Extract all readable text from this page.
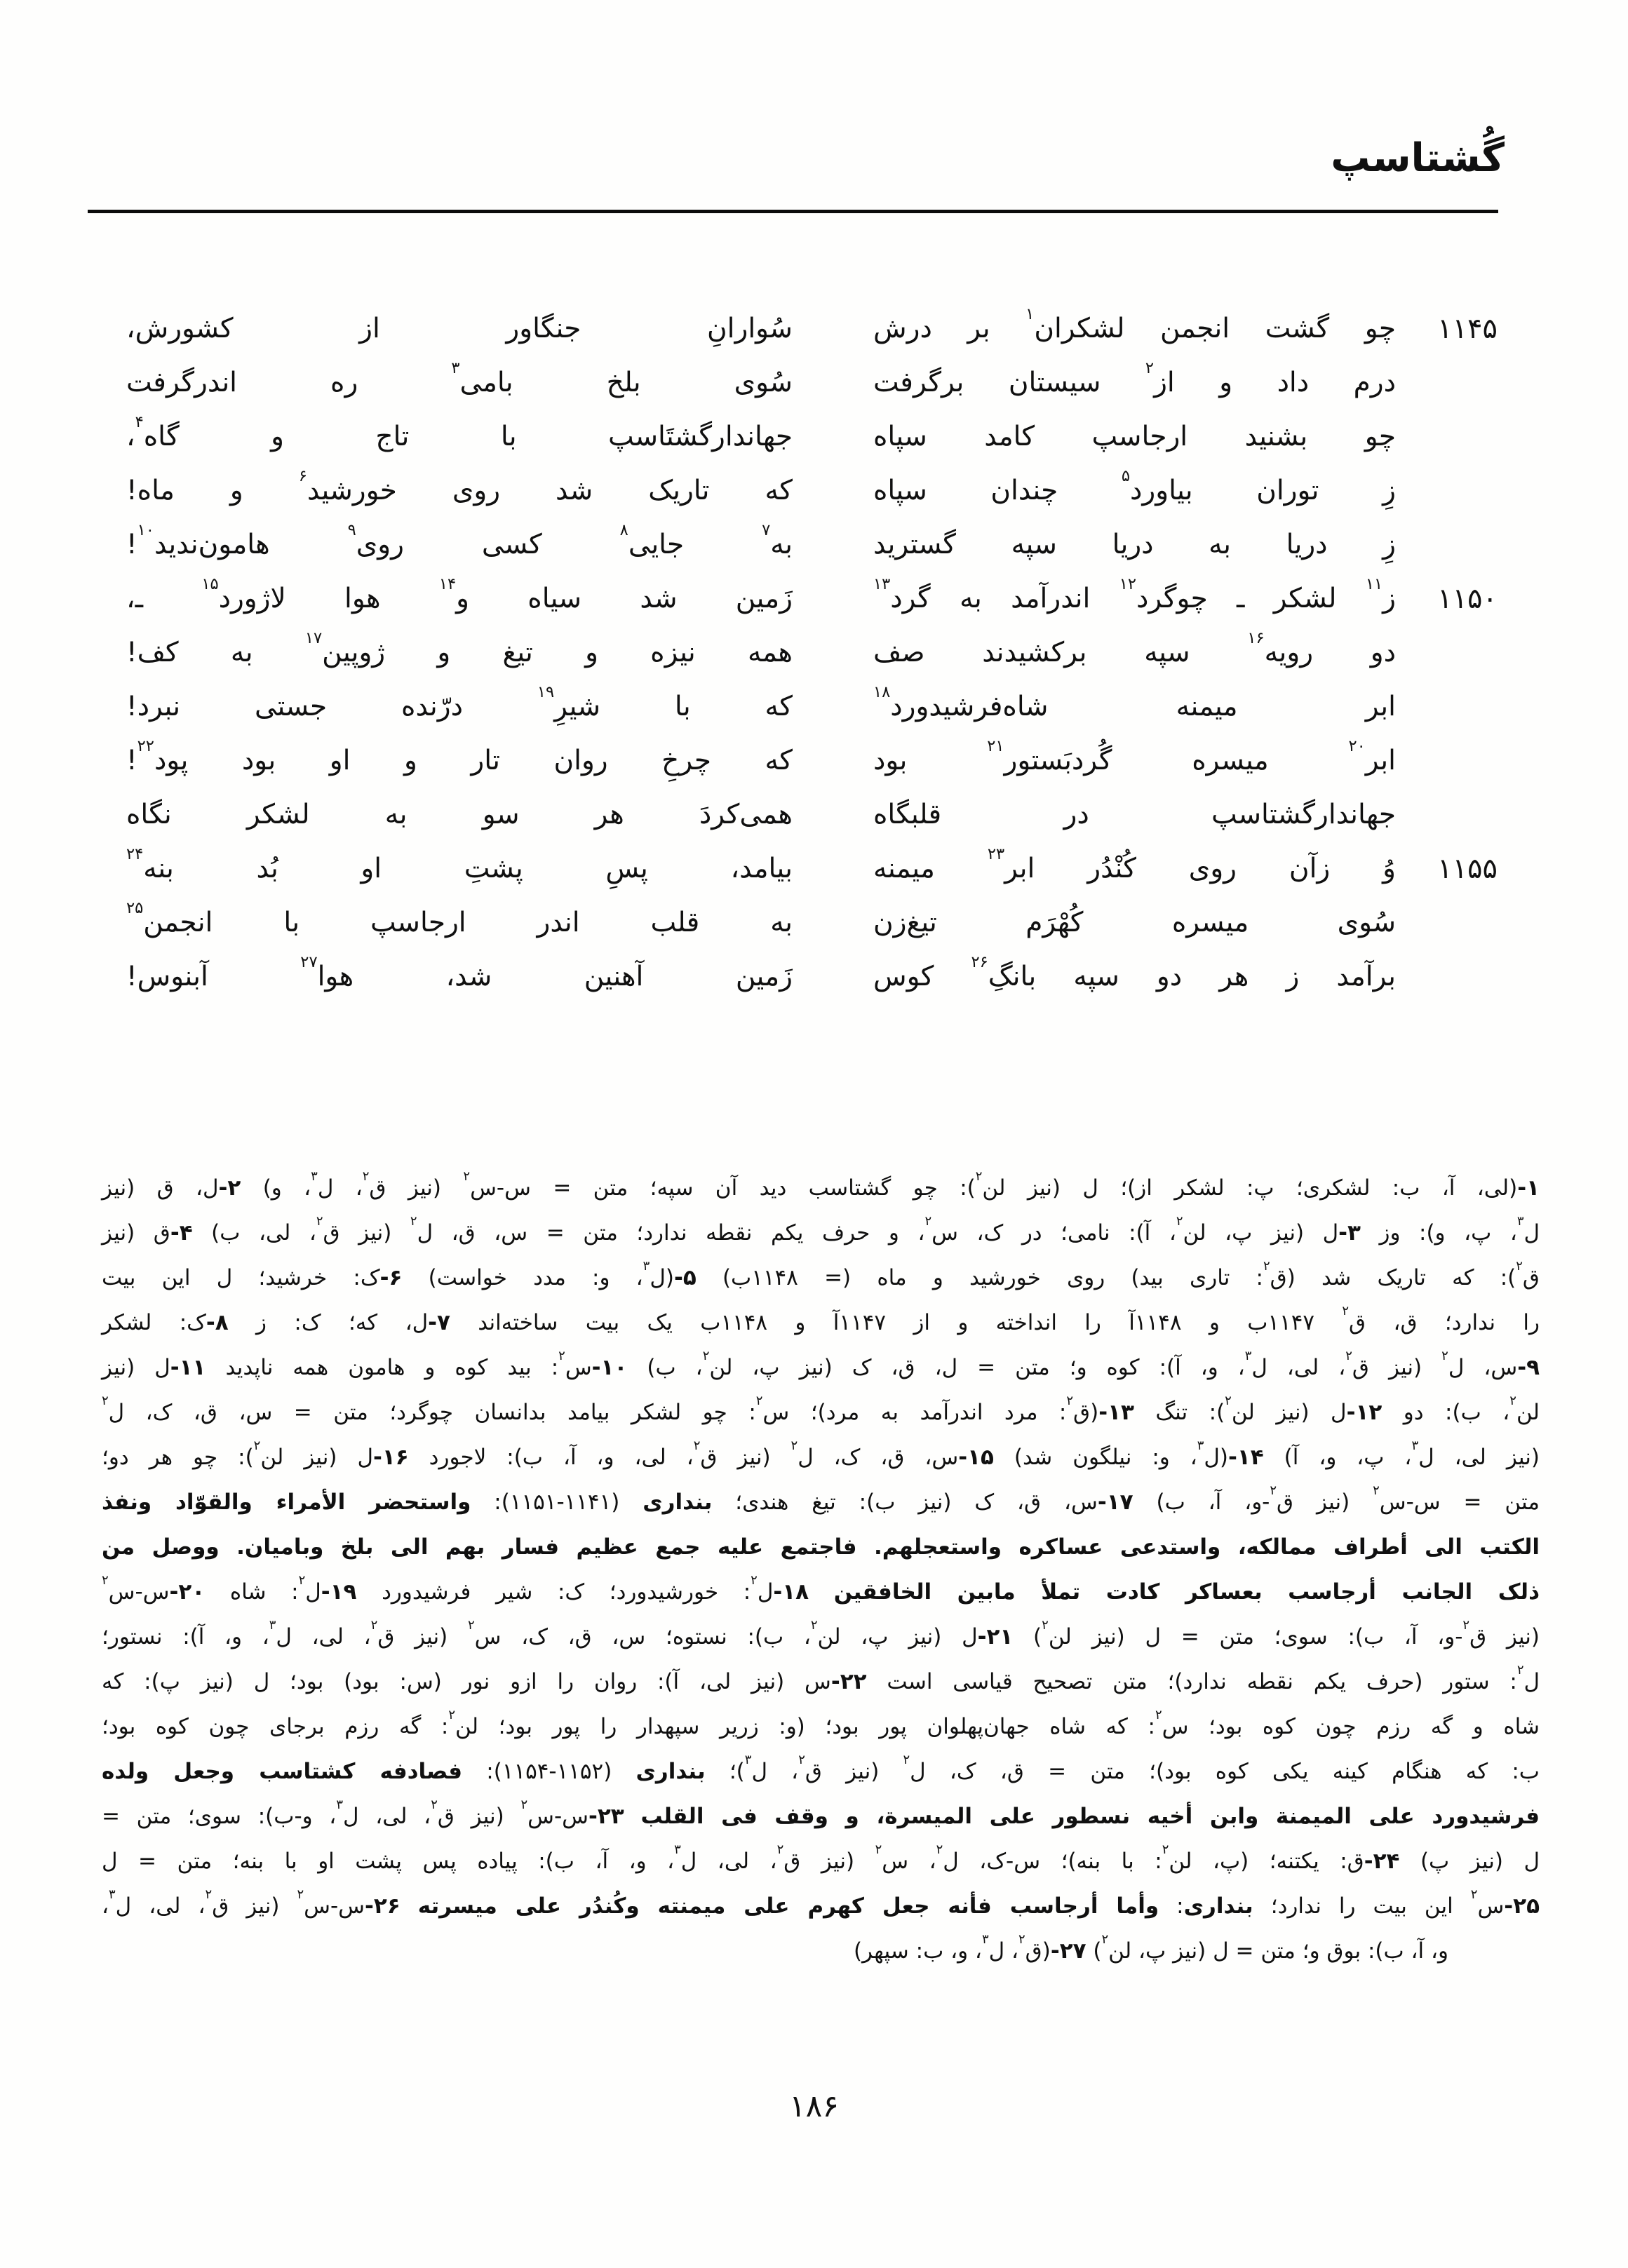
گُشتاسپ
۱۱۴۵
چو گشت انجمن لشکران$^۱$ بر درش
سُوارانِ جنگاور از کشورش،
درم داد و از$^۲$ سیستان برگرفت
سُوی بلخ بامی$^۳$ ره اندرگرفت
چو بشنید ارجاسپ کامد سپاه
جهاندارگشتَاسپ با تاج و گاه$^۴$،
زِ توران بیاورد$^۵$ چندان سپاه
که تاریک شد روی خورشید$^۶$ و ماه!
زِ دریا به دریا سپه گسترید
به$^۷$ جایی$^۸$ کسی روی$^۹$ هامون‌ندید$^{۱۰}$!
۱۱۵۰
ز$^{۱۱}$ لشکر ـ چوگرد$^{۱۲}$ اندرآمد به گرد$^{۱۳}$
زَمین شد سیاه و$^{۱۴}$ هوا لاژورد$^{۱۵}$ ـ،
دو رویه$^{۱۶}$ سپه برکشیدند صف
همه نیزه و تیغ و ژوپین$^{۱۷}$ به کف!
ابر میمنه شاه‌فرشیدورد$^{۱۸}$
که با شیرِ$^{۱۹}$ درّنده جستی نبرد!
ابر$^{۲۰}$ میسره گُردبَستور$^{۲۱}$ بود
که چرخِ روان تار و او بود پود$^{۲۲}$!
جهاندارگشتاسپ در قلبگاه
همی‌کردَ هر سو به لشکر نگاه
۱۱۵۵
وُ زآن روی کُنْدُر ابر$^{۲۳}$ میمنه
بیامد، پسِ پشتِ او بُد بنه$^{۲۴}$
سُوی میسره کُهْرَم تیغ‌زن
به قلب اندر ارجاسپ با انجمن$^{۲۵}$
برآمد ز هر دو سپه بانگِ$^{۲۶}$ کوس
زَمین آهنین شد، هوا$^{۲۷}$ آبنوس!
۱-(لی، آ، ب: لشکری؛ پ: لشکر از)؛ ل (نیز لن$^۲$): چو گشتاسب دید آن سپه؛ متن = س-س$^۲$ (نیز ق$^۲$، ل$^۳$، و) ۲-ل، ق (نیز
ل$^۳$، پ، و): وز ۳-ل (نیز پ، لن$^۲$، آ): نامی؛ در ک، س$^۲$، و حرف یکم نقطه ندارد؛ متن = س، ق، ل$^۲$ (نیز ق$^۲$، لی، ب) ۴-ق (نیز
ق$^۲$): که تاریک شد (ق$^۲$: تاری بید) روی خورشید و ماه (= ۱۱۴۸ب) ۵-(ل$^۳$، و: مدد خواست) ۶-ک: خرشید؛ ل این بیت
را ندارد؛ ق، ق$^۲$ ۱۱۴۷ب و ۱۱۴۸آ را انداخته و از ۱۱۴۷آ و ۱۱۴۸ب یک بیت ساخته‌اند ۷-ل، که؛ ک: ز ۸-ک: لشکر
۹-س، ل$^۲$ (نیز ق$^۲$، لی، ل$^۳$، و، آ): کوه و؛ متن = ل، ق، ک (نیز پ، لن$^۲$، ب) ۱۰-س$^۲$: بید کوه و هامون همه ناپدید ۱۱-ل (نیز
لن$^۲$، ب): دو ۱۲-ل (نیز لن$^۲$): تنگ ۱۳-(ق$^۲$: مرد اندرآمد به مرد)؛ س$^۲$: چو لشکر بیامد بدانسان چوگرد؛ متن = س، ق، ک، ل$^۲$
(نیز لی، ل$^۳$، پ، و، آ) ۱۴-(ل$^۳$، و: نیلگون شد) ۱۵-س، ق، ک، ل$^۲$ (نیز ق$^۲$، لی، و، آ، ب): لاجورد ۱۶-ل (نیز لن$^۲$): چو هر دو؛
متن = س-س$^۲$ (نیز ق$^۲$-و، آ، ب) ۱۷-س، ق، ک (نیز ب): تیغ هندی؛ بنداری (۱۱۴۱-۱۱۵۱): واستحضر الأمراء والقوّاد ونفذ
الکتب الی أطراف ممالکه، واستدعی عساکره واستعجلهم. فاجتمع علیه جمع عظیم فسار بهم الی بلخ وبامیان. ووصل من
ذلک الجانب أرجاسب بعساکر کادت تملأ مابین الخافقین ۱۸-ل$^۲$: خورشیدورد؛ ک: شیر فرشیدورد ۱۹-ل$^۲$: شاه ۲۰-س-س$^۲$
(نیز ق$^۲$-و، آ، ب): سوی؛ متن = ل (نیز لن$^۲$) ۲۱-ل (نیز پ، لن$^۲$، ب): نستوه؛ س، ق، ک، س$^۲$ (نیز ق$^۲$، لی، ل$^۳$، و، آ): نستور؛
ل$^۲$: ستور (حرف یکم نقطه ندارد)؛ متن تصحیح قیاسی است ۲۲-س (نیز لی، آ): روان را ازو نور (س: بود) بود؛ ل (نیز پ): که
شاه و گه رزم چون کوه بود؛ س$^۲$: که شاه جهان‌پهلوان پور بود؛ (و: زریر سپهدار را پور بود؛ لن$^۲$: گه رزم برجای چون کوه بود؛
ب: که هنگام کینه یکی کوه بود)؛ متن = ق، ک، ل$^۲$ (نیز ق$^۲$، ل$^۳$)؛ بنداری (۱۱۵۲-۱۱۵۴): فصادفه کشتاسب وجعل ولده
فرشیدورد علی المیمنة وابن أخیه نسطور علی المیسرة، و وقف فی القلب ۲۳-س-س$^۲$ (نیز ق$^۲$، لی، ل$^۳$، و-ب): سوی؛ متن =
ل (نیز پ) ۲۴-ق: یکتنه؛ (پ، لن$^۲$: با بنه)؛ س-ک، ل$^۲$، س$^۲$ (نیز ق$^۲$، لی، ل$^۳$، و، آ، ب): پیاده پس پشت او با بنه؛ متن = ل
۲۵-س$^۲$ این بیت را ندارد؛ بنداری: وأما أرجاسب فأنه جعل کهرم علی میمنته وکُندُر علی میسرته ۲۶-س-س$^۲$ (نیز ق$^۲$، لی، ل$^۳$،
و، آ، ب): بوق و؛ متن = ل (نیز پ، لن$^۲$) ۲۷-(ق$^۲$، ل$^۳$، و، ب: سپهر)
۱۸۶
